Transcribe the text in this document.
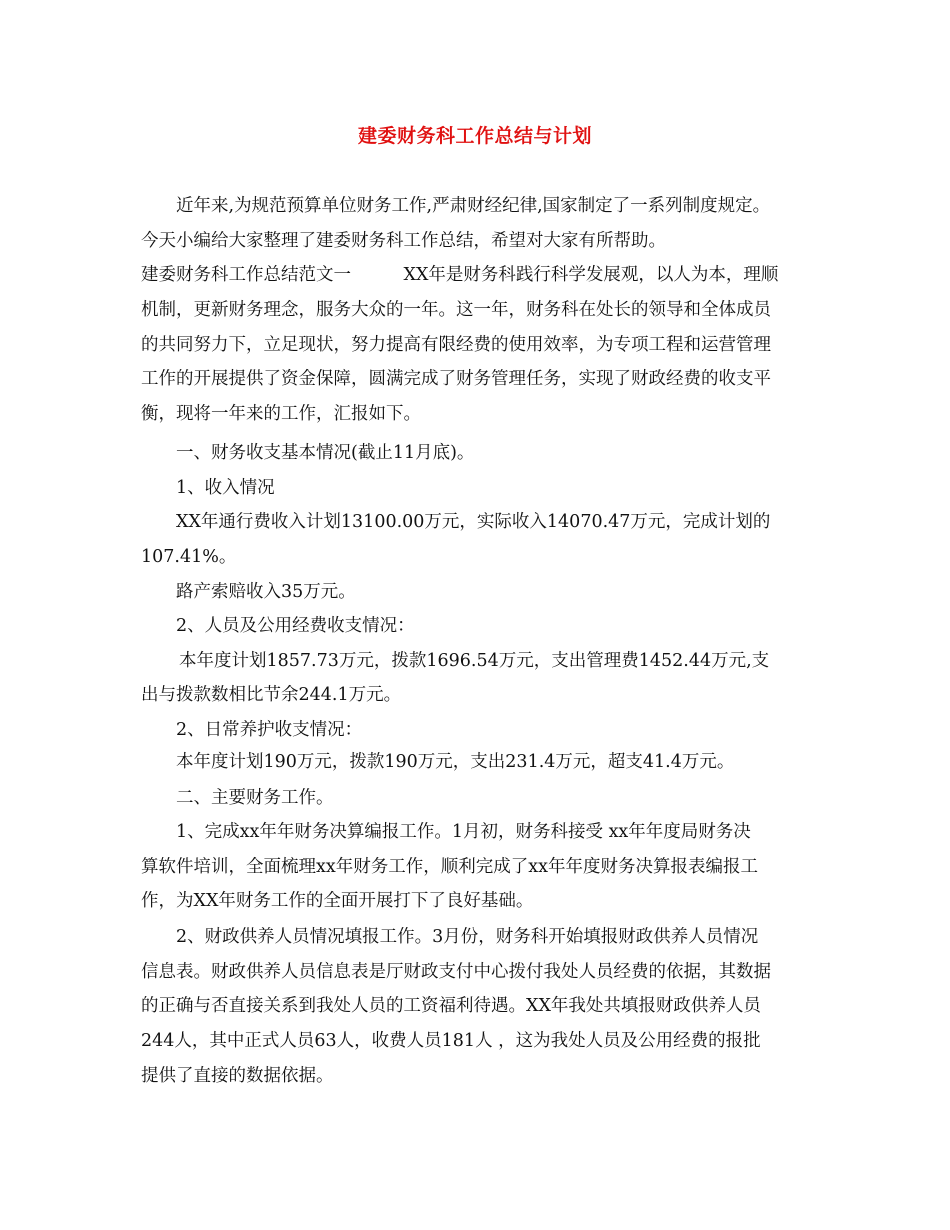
建委财务科工作总结与计划
近年来,为规范预算单位财务工作,严肃财经纪律,国家制定了一系列制度规定。
今天小编给大家整理了建委财务科工作总结，希望对大家有所帮助。
建委财务科工作总结范文一　　　XX年是财务科践行科学发展观，以人为本，理顺
机制，更新财务理念，服务大众的一年。这一年，财务科在处长的领导和全体成员
的共同努力下，立足现状，努力提高有限经费的使用效率，为专项工程和运营管理
工作的开展提供了资金保障，圆满完成了财务管理任务，实现了财政经费的收支平
衡，现将一年来的工作，汇报如下。
一、财务收支基本情况(截止11月底)。
1、收入情况
XX年通行费收入计划13100.00万元，实际收入14070.47万元，完成计划的
107.41%。
路产索赔收入35万元。
2、人员及公用经费收支情况：
本年度计划1857.73万元，拨款1696.54万元，支出管理费1452.44万元,支
出与拨款数相比节余244.1万元。
2、日常养护收支情况：
本年度计划190万元，拨款190万元，支出231.4万元，超支41.4万元。
二、主要财务工作。
1、完成xx年年财务决算编报工作。1月初，财务科接受 xx年年度局财务决
算软件培训，全面梳理xx年财务工作，顺利完成了xx年年度财务决算报表编报工
作，为XX年财务工作的全面开展打下了良好基础。
2、财政供养人员情况填报工作。3月份，财务科开始填报财政供养人员情况
信息表。财政供养人员信息表是厅财政支付中心拨付我处人员经费的依据，其数据
的正确与否直接关系到我处人员的工资福利待遇。XX年我处共填报财政供养人员
244人，其中正式人员63人，收费人员181人 ，这为我处人员及公用经费的报批
提供了直接的数据依据。
